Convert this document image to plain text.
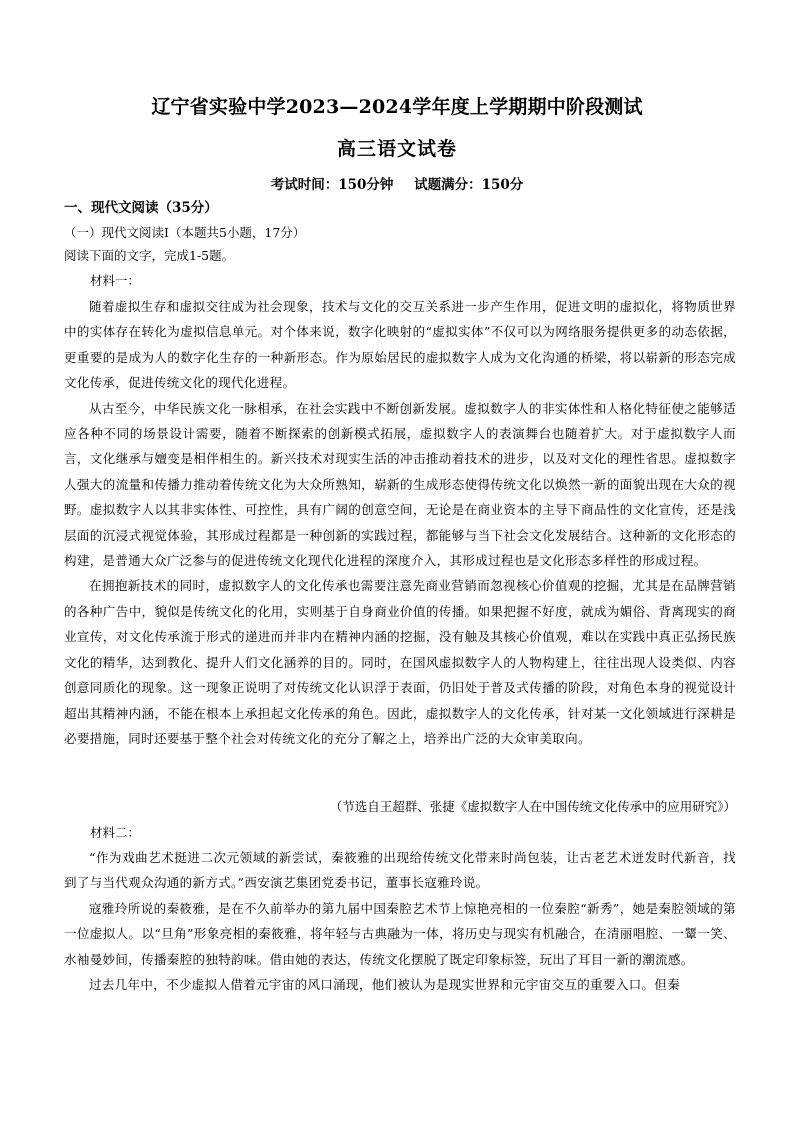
辽宁省实验中学2023—2024学年度上学期期中阶段测试
高三语文试卷
考试时间：150分钟 试题满分：150分
一、现代文阅读（35分）
（一）现代文阅读Ⅰ（本题共5小题，17分）
阅读下面的文字，完成1-5题。
材料一：

随着虚拟生存和虚拟交往成为社会现象，技术与文化的交互关系进一步产生作用，促进文明的虚拟化，将物质世界中的实体存在转化为虚拟信息单元。对个体来说，数字化映射的“虚拟实体”不仅可以为网络服务提供更多的动态依据，更重要的是成为人的数字化生存的一种新形态。作为原始居民的虚拟数字人成为文化沟通的桥梁，将以崭新的形态完成文化传承，促进传统文化的现代化进程。

从古至今，中华民族文化一脉相承，在社会实践中不断创新发展。虚拟数字人的非实体性和人格化特征使之能够适应各种不同的场景设计需要，随着不断探索的创新模式拓展，虚拟数字人的表演舞台也随着扩大。对于虚拟数字人而言，文化继承与嬗变是相伴相生的。新兴技术对现实生活的冲击推动着技术的进步，以及对文化的理性省思。虚拟数字人强大的流量和传播力推动着传统文化为大众所熟知，崭新的生成形态使得传统文化以焕然一新的面貌出现在大众的视野。虚拟数字人以其非实体性、可控性，具有广阔的创意空间，无论是在商业资本的主导下商品性的文化宣传，还是浅层面的沉浸式视觉体验，其形成过程都是一种创新的实践过程，都能够与当下社会文化发展结合。这种新的文化形态的构建，是普通大众广泛参与的促进传统文化现代化进程的深度介入，其形成过程也是文化形态多样性的形成过程。

在拥抱新技术的同时，虚拟数字人的文化传承也需要注意先商业营销而忽视核心价值观的挖掘，尤其是在品牌营销的各种广告中，貌似是传统文化的化用，实则基于自身商业价值的传播。如果把握不好度，就成为媚俗、背离现实的商业宣传，对文化传承流于形式的递进而并非内在精神内涵的挖掘，没有触及其核心价值观，难以在实践中真正弘扬民族文化的精华，达到教化、提升人们文化涵养的目的。同时，在国风虚拟数字人的人物构建上，往往出现人设类似、内容创意同质化的现象。这一现象正说明了对传统文化认识浮于表面，仍旧处于普及式传播的阶段，对角色本身的视觉设计超出其精神内涵，不能在根本上承担起文化传承的角色。因此，虚拟数字人的文化传承，针对某一文化领域进行深耕是必要措施，同时还要基于整个社会对传统文化的充分了解之上，培养出广泛的大众审美取向。

（节选自王超群、张捷《虚拟数字人在中国传统文化传承中的应用研究》）
材料二：

“作为戏曲艺术挺进二次元领域的新尝试，秦筱雅的出现给传统文化带来时尚包装，让古老艺术迸发时代新音，找到了与当代观众沟通的新方式。”西安演艺集团党委书记，董事长寇雅玲说。

寇雅玲所说的秦筱雅，是在不久前举办的第九届中国秦腔艺术节上惊艳亮相的一位秦腔“新秀”，她是秦腔领域的第一位虚拟人。以“旦角”形象亮相的秦筱雅，将年轻与古典融为一体，将历史与现实有机融合，在清丽唱腔、一颦一笑、水袖曼妙间，传播秦腔的独特韵味。借由她的表达，传统文化摆脱了既定印象标签，玩出了耳目一新的潮流感。

过去几年中，不少虚拟人借着元宇宙的风口涌现，他们被认为是现实世界和元宇宙交互的重要入口。但秦
